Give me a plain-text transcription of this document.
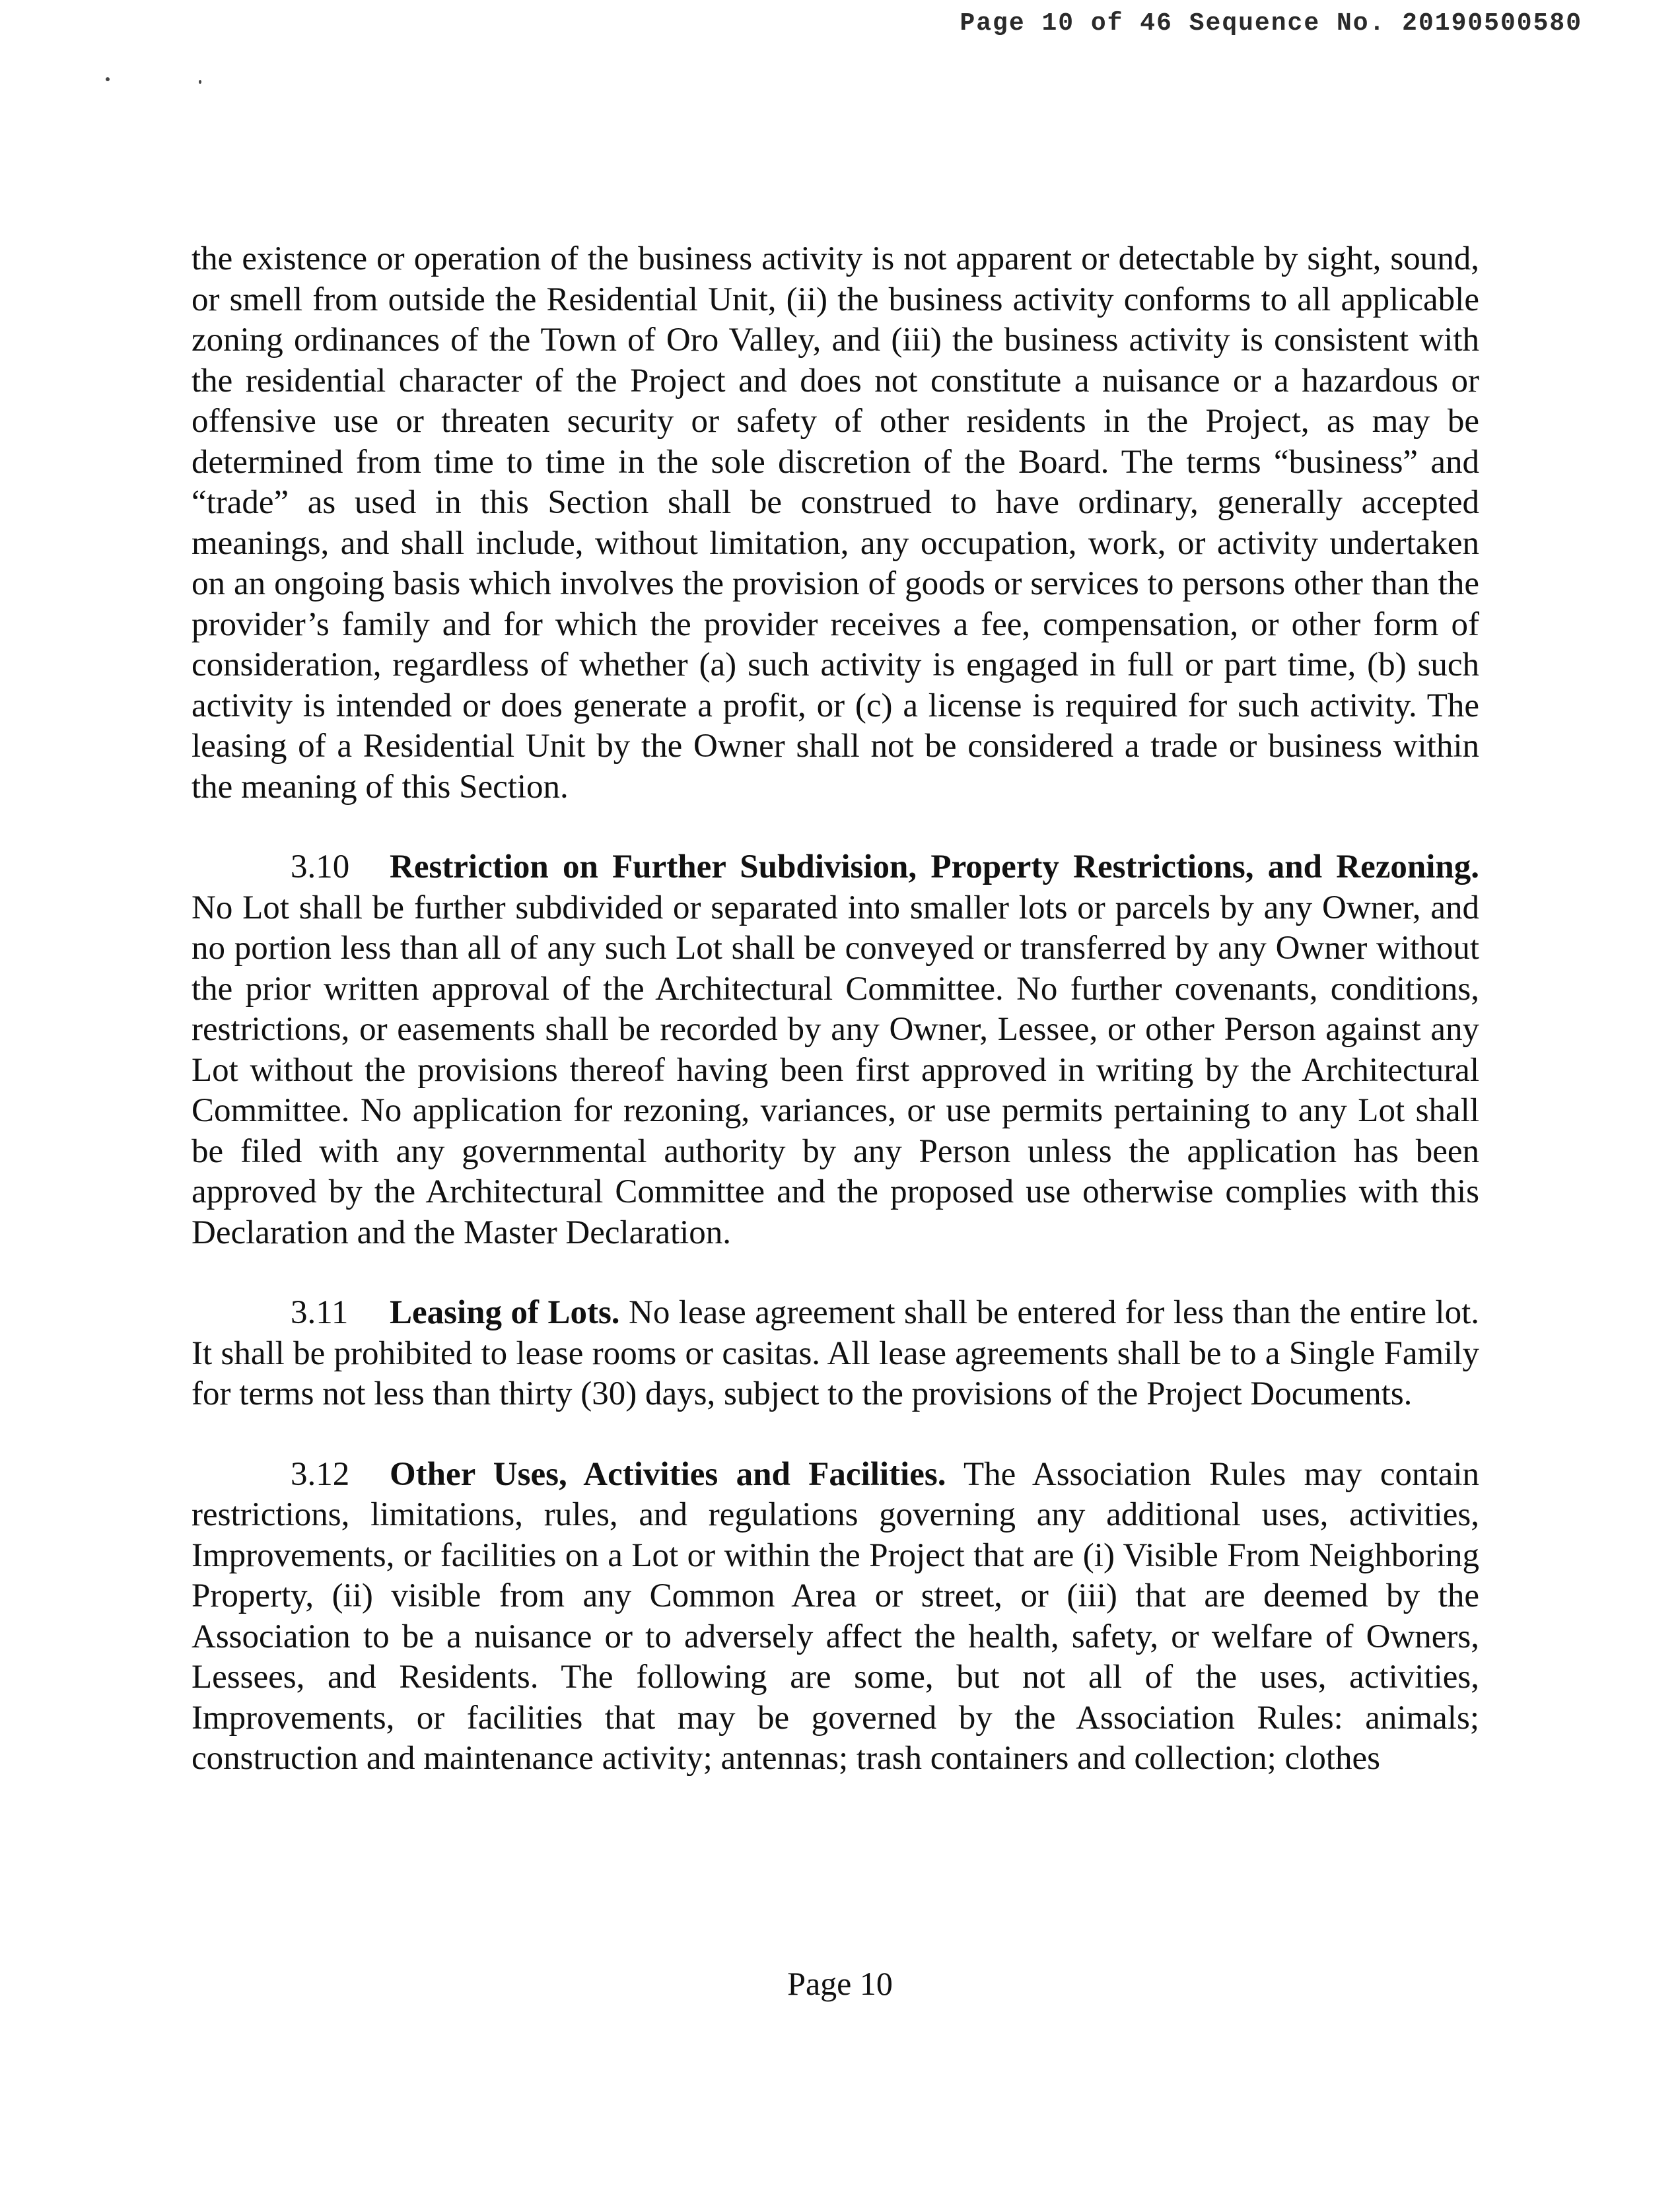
Page 10 of 46 Sequence No. 20190500580

the existence or operation of the business activity is not apparent or detectable by sight, sound, or smell from outside the Residential Unit, (ii) the business activity conforms to all applicable zoning ordinances of the Town of Oro Valley, and (iii) the business activity is consistent with the residential character of the Project and does not constitute a nuisance or a hazardous or offensive use or threaten security or safety of other residents in the Project, as may be determined from time to time in the sole discretion of the Board. The terms “business” and “trade” as used in this Section shall be construed to have ordinary, generally accepted meanings, and shall include, without limitation, any occupation, work, or activity undertaken on an ongoing basis which involves the provision of goods or services to persons other than the provider’s family and for which the provider receives a fee, compensation, or other form of consideration, regardless of whether (a) such activity is engaged in full or part time, (b) such activity is intended or does generate a profit, or (c) a license is required for such activity. The leasing of a Residential Unit by the Owner shall not be considered a trade or business within the meaning of this Section.

3.10 Restriction on Further Subdivision, Property Restrictions, and Rezoning. No Lot shall be further subdivided or separated into smaller lots or parcels by any Owner, and no portion less than all of any such Lot shall be conveyed or transferred by any Owner without the prior written approval of the Architectural Committee. No further covenants, conditions, restrictions, or easements shall be recorded by any Owner, Lessee, or other Person against any Lot without the provisions thereof having been first approved in writing by the Architectural Committee. No application for rezoning, variances, or use permits pertaining to any Lot shall be filed with any governmental authority by any Person unless the application has been approved by the Architectural Committee and the proposed use otherwise complies with this Declaration and the Master Declaration.

3.11 Leasing of Lots. No lease agreement shall be entered for less than the entire lot. It shall be prohibited to lease rooms or casitas. All lease agreements shall be to a Single Family for terms not less than thirty (30) days, subject to the provisions of the Project Documents.

3.12 Other Uses, Activities and Facilities. The Association Rules may contain restrictions, limitations, rules, and regulations governing any additional uses, activities, Improvements, or facilities on a Lot or within the Project that are (i) Visible From Neighboring Property, (ii) visible from any Common Area or street, or (iii) that are deemed by the Association to be a nuisance or to adversely affect the health, safety, or welfare of Owners, Lessees, and Residents. The following are some, but not all of the uses, activities, Improvements, or facilities that may be governed by the Association Rules: animals; construction and maintenance activity; antennas; trash containers and collection; clothes

Page 10
